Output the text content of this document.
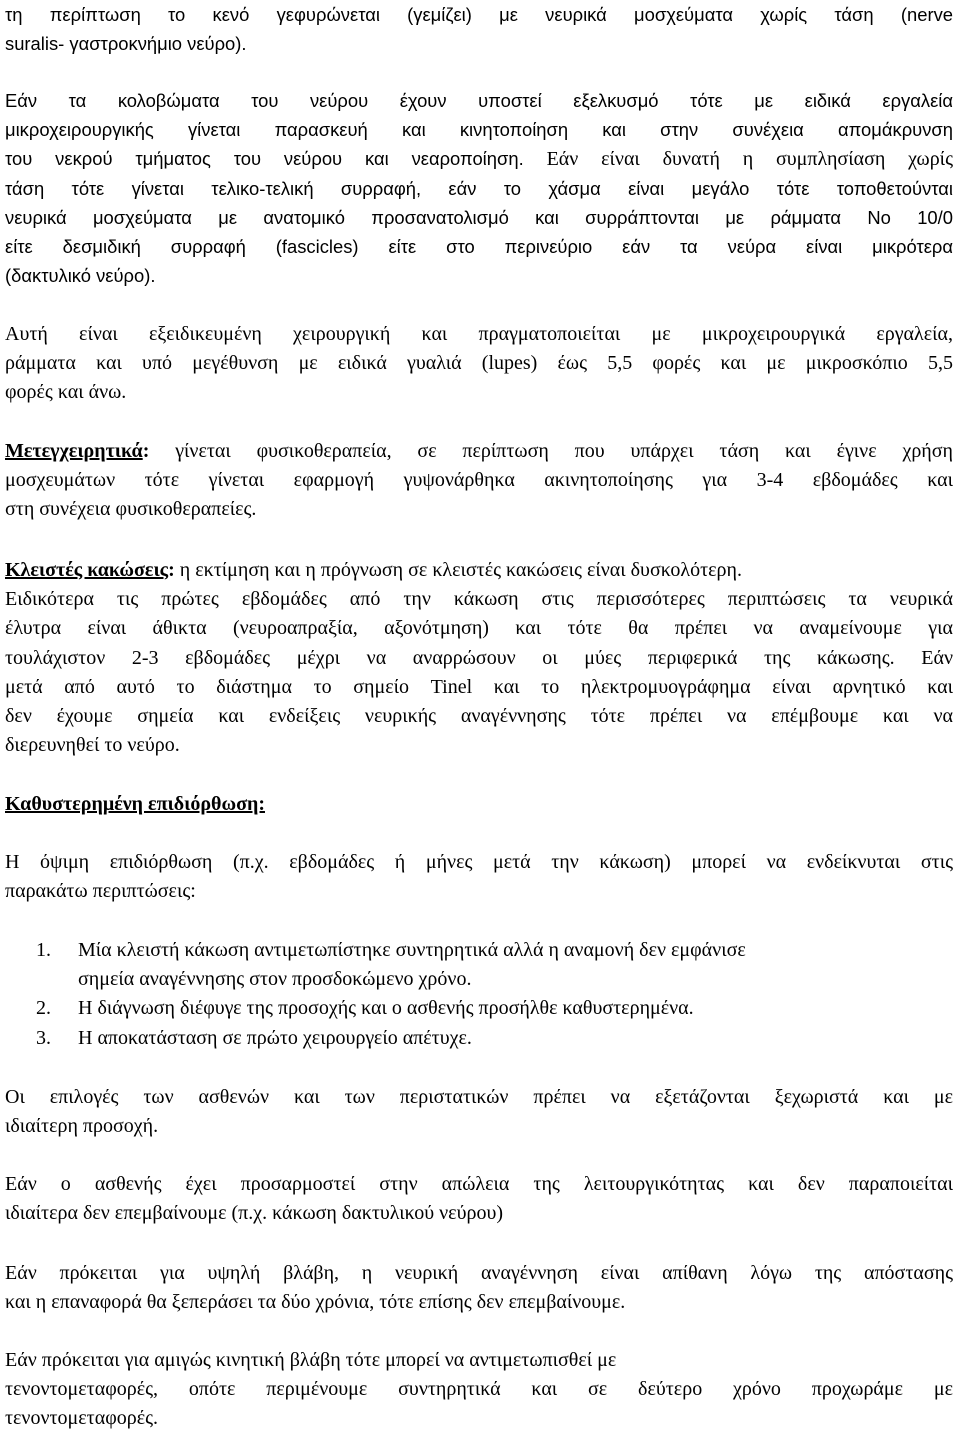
τη περίπτωση το κενό γεφυρώνεται (γεμίζει) με νευρικά μοσχεύματα χωρίς τάση (nerve
suralis- γαστροκνήμιο νεύρο).
Εάν τα κολοβώματα του νεύρου έχουν υποστεί εξελκυσμό τότε με ειδικά εργαλεία
μικροχειρουργικής γίνεται παρασκευή και κινητοποίηση και στην συνέχεια απομάκρυνση
του νεκρού τμήματος του νεύρου και νεαροποίηση. Εάν είναι δυνατή η συμπλησίαση χωρίς
τάση τότε γίνεται τελικο-τελική συρραφή, εάν το χάσμα είναι μεγάλο τότε τοποθετούνται
νευρικά μοσχεύματα με ανατομικό προσανατολισμό και συρράπτονται με ράμματα Νο 10/0
είτε δεσμιδική συρραφή (fascicles) είτε στο περινεύριο εάν τα νεύρα είναι μικρότερα
(δακτυλικό νεύρο).
Αυτή είναι εξειδικευμένη χειρουργική και πραγματοποιείται με μικροχειρουργικά εργαλεία,
ράμματα και υπό μεγέθυνση με ειδικά γυαλιά (lupes) έως 5,5 φορές και με μικροσκόπιο 5,5
φορές και άνω.
Μετεγχειρητικά: γίνεται φυσικοθεραπεία, σε περίπτωση που υπάρχει τάση και έγινε χρήση
μοσχευμάτων τότε γίνεται εφαρμογή γυψονάρθηκα ακινητοποίησης για 3-4 εβδομάδες και
στη συνέχεια φυσικοθεραπείες.
Κλειστές κακώσεις: η εκτίμηση και η πρόγνωση σε κλειστές κακώσεις είναι δυσκολότερη.
Ειδικότερα τις πρώτες εβδομάδες από την κάκωση στις περισσότερες περιπτώσεις τα νευρικά
έλυτρα είναι άθικτα (νευροαπραξία, αξονότμηση) και τότε θα πρέπει να αναμείνουμε για
τουλάχιστον 2-3 εβδομάδες μέχρι να αναρρώσουν οι μύες περιφερικά της κάκωσης. Εάν
μετά από αυτό το διάστημα το σημείο Tinel και το ηλεκτρομυογράφημα είναι αρνητικό και
δεν έχουμε σημεία και ενδείξεις νευρικής αναγέννησης τότε πρέπει να επέμβουμε και να
διερευνηθεί το νεύρο.
Καθυστερημένη επιδιόρθωση:
Η όψιμη επιδιόρθωση (π.χ. εβδομάδες ή μήνες μετά την κάκωση) μπορεί να ενδείκνυται στις
παρακάτω περιπτώσεις:
1.	Μία κλειστή κάκωση αντιμετωπίστηκε συντηρητικά αλλά η αναμονή δεν εμφάνισε
σημεία αναγέννησης στον προσδοκώμενο χρόνο.
2.	Η διάγνωση διέφυγε της προσοχής και ο ασθενής προσήλθε καθυστερημένα.
3.	Η αποκατάσταση σε πρώτο χειρουργείο απέτυχε.
Οι επιλογές των ασθενών και των περιστατικών πρέπει να εξετάζονται ξεχωριστά και με
ιδιαίτερη προσοχή.
Εάν ο ασθενής έχει προσαρμοστεί στην απώλεια της λειτουργικότητας και δεν παραποιείται
ιδιαίτερα δεν επεμβαίνουμε (π.χ. κάκωση δακτυλικού νεύρου)
Εάν πρόκειται για υψηλή βλάβη, η νευρική αναγέννηση είναι απίθανη λόγω της απόστασης
και η επαναφορά θα ξεπεράσει τα δύο χρόνια, τότε επίσης δεν επεμβαίνουμε.
Εάν πρόκειται για αμιγώς κινητική βλάβη τότε μπορεί να αντιμετωπισθεί με
τενοντομεταφορές, οπότε περιμένουμε συντηρητικά και σε δεύτερο χρόνο προχωράμε με
τενοντομεταφορές.
